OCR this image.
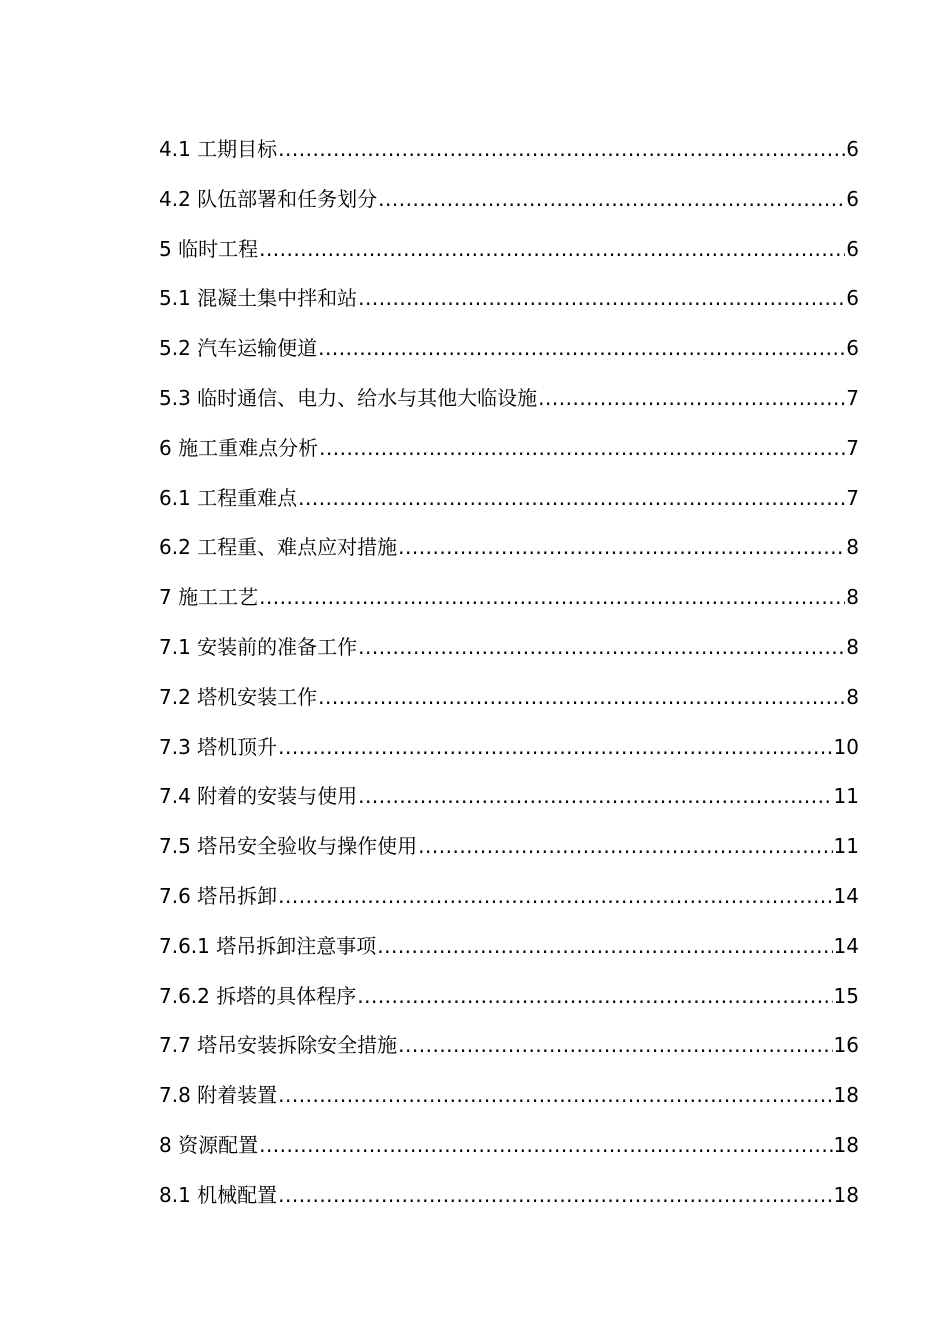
4.1 工期目标 .....	6
4.2 队伍部署和任务划分 .....	6
5 临时工程 .....	6
5.1 混凝土集中拌和站 .....	6
5.2 汽车运输便道 .....	6
5.3 临时通信、电力、给水与其他大临设施 .....	7
6 施工重难点分析 .....	7
6.1 工程重难点 .....	7
6.2 工程重、难点应对措施 .....	8
7 施工工艺 .....	8
7.1 安装前的准备工作 .....	8
7.2 塔机安装工作 .....	8
7.3 塔机顶升 .....	10
7.4 附着的安装与使用 .....	11
7.5 塔吊安全验收与操作使用 .....	11
7.6 塔吊拆卸 .....	14
7.6.1 塔吊拆卸注意事项 .....	14
7.6.2 拆塔的具体程序 .....	15
7.7 塔吊安装拆除安全措施 .....	16
7.8 附着装置 .....	18
8 资源配置 .....	18
8.1 机械配置 .....	18
